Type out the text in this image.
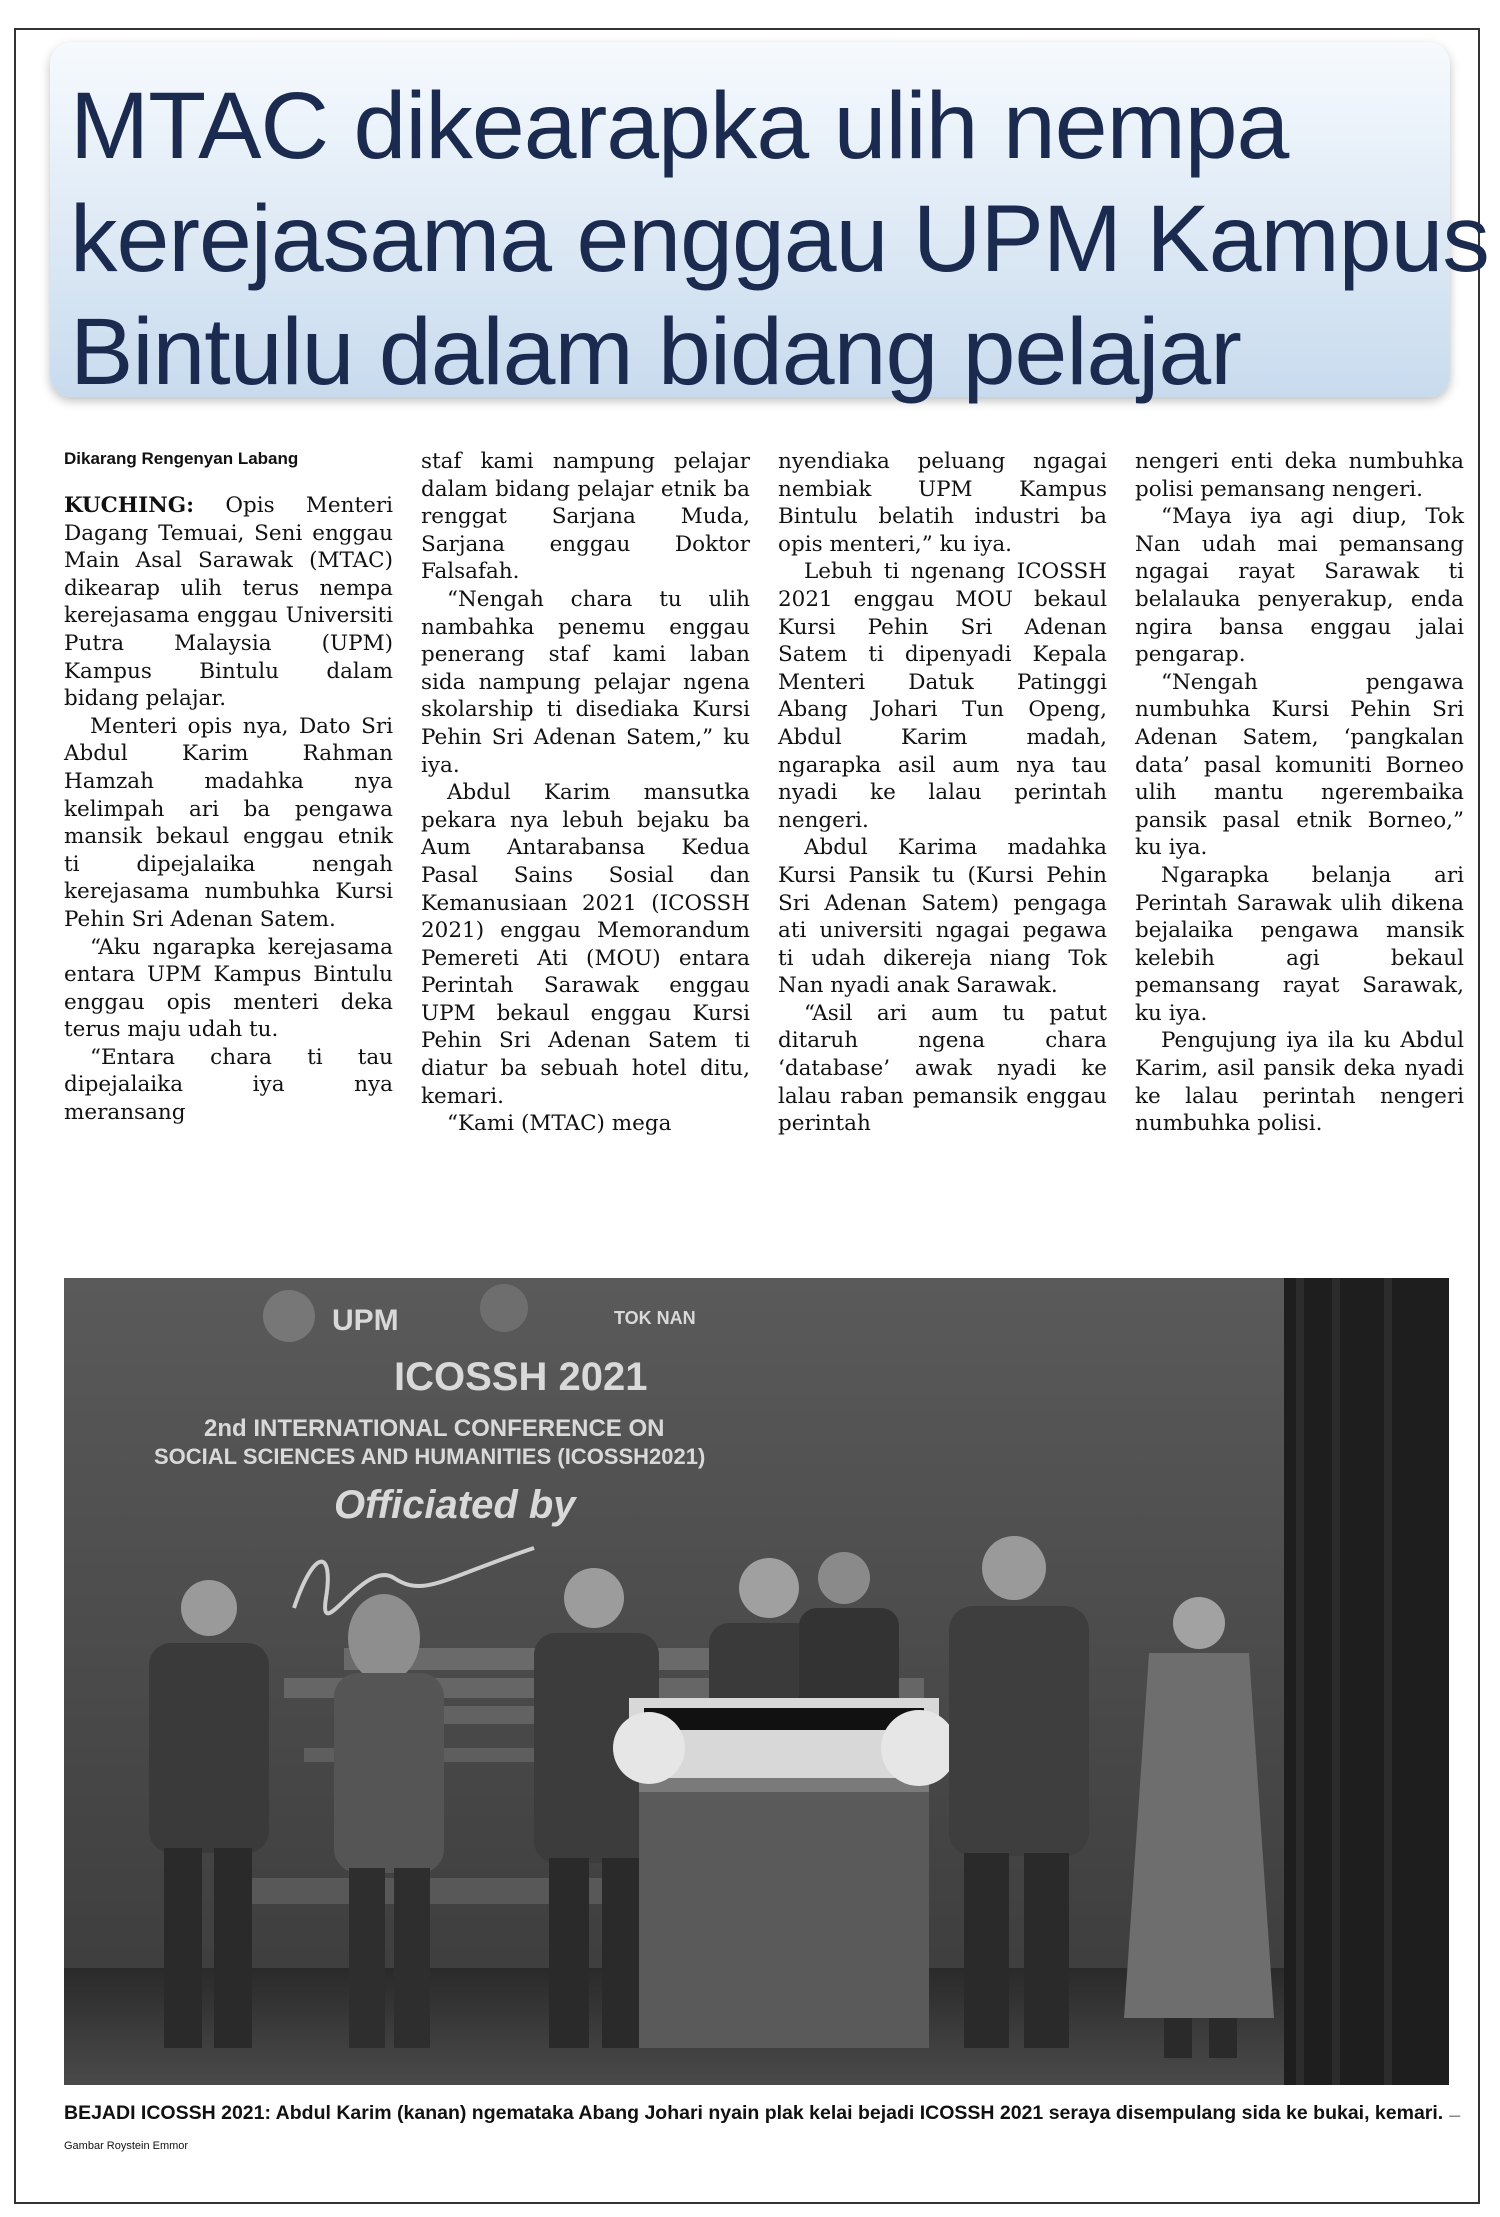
MTAC dikearapka ulih nempa
kerejasama enggau UPM Kampus
Bintulu dalam bidang pelajar
Dikarang Rengenyan Labang

KUCHING: Opis Menteri Dagang Temuai, Seni enggau Main Asal Sarawak (MTAC) dikearap ulih terus nempa kerejasama enggau Universiti Putra Malaysia (UPM) Kampus Bintulu dalam bidang pelajar.

Menteri opis nya, Dato Sri Abdul Karim Rahman Hamzah madahka nya kelimpah ari ba pengawa mansik bekaul enggau etnik ti dipejalaika nengah kerejasama numbuhka Kursi Pehin Sri Adenan Satem.

“Aku ngarapka kerejasama entara UPM Kampus Bintulu enggau opis menteri deka terus maju udah tu.

“Entara chara ti tau dipejalaika iya nya meransang

staf kami nampung pelajar dalam bidang pelajar etnik ba renggat Sarjana Muda, Sarjana enggau Doktor Falsafah.

“Nengah chara tu ulih nambahka penemu enggau penerang staf kami laban sida nampung pelajar ngena skolarship ti disediaka Kursi Pehin Sri Adenan Satem,” ku iya.

Abdul Karim mansutka pekara nya lebuh bejaku ba Aum Antarabansa Kedua Pasal Sains Sosial dan Kemanusiaan 2021 (ICOSSH 2021) enggau Memorandum Pemereti Ati (MOU) entara Perintah Sarawak enggau UPM bekaul enggau Kursi Pehin Sri Adenan Satem ti diatur ba sebuah hotel ditu, kemari.

“Kami (MTAC) mega

nyendiaka peluang ngagai nembiak UPM Kampus Bintulu belatih industri ba opis menteri,” ku iya.

Lebuh ti ngenang ICOSSH 2021 enggau MOU bekaul Kursi Pehin Sri Adenan Satem ti dipenyadi Kepala Menteri Datuk Patinggi Abang Johari Tun Openg, Abdul Karim madah, ngarapka asil aum nya tau nyadi ke lalau perintah nengeri.

Abdul Karima madahka Kursi Pansik tu (Kursi Pehin Sri Adenan Satem) pengaga ati universiti ngagai pegawa ti udah dikereja niang Tok Nan nyadi anak Sarawak.

“Asil ari aum tu patut ditaruh ngena chara ‘database’ awak nyadi ke lalau raban pemansik enggau perintah

nengeri enti deka numbuhka polisi pemansang nengeri.

“Maya iya agi diup, Tok Nan udah mai pemansang ngagai rayat Sarawak ti belalauka penyerakup, enda ngira bansa enggau jalai pengarap.

“Nengah pengawa numbuhka Kursi Pehin Sri Adenan Satem, ‘pangkalan data’ pasal komuniti Borneo ulih mantu ngerembaika pansik pasal etnik Borneo,” ku iya.

Ngarapka belanja ari Perintah Sarawak ulih dikena bejalaika pengawa mansik kelebih agi bekaul pemansang rayat Sarawak, ku iya.

Pengujung iya ila ku Abdul Karim, asil pansik deka nyadi ke lalau perintah nengeri numbuhka polisi.

UPM	TOK NAN
ICOSSH 2021
2nd INTERNATIONAL CONFERENCE ON
SOCIAL SCIENCES AND HUMANITIES (ICOSSH2021)
Officiated by
BEJADI ICOSSH 2021: Abdul Karim (kanan) ngemataka Abang Johari nyain plak kelai bejadi ICOSSH 2021 seraya disempulang sida ke bukai, kemari. — Gambar Roystein Emmor
